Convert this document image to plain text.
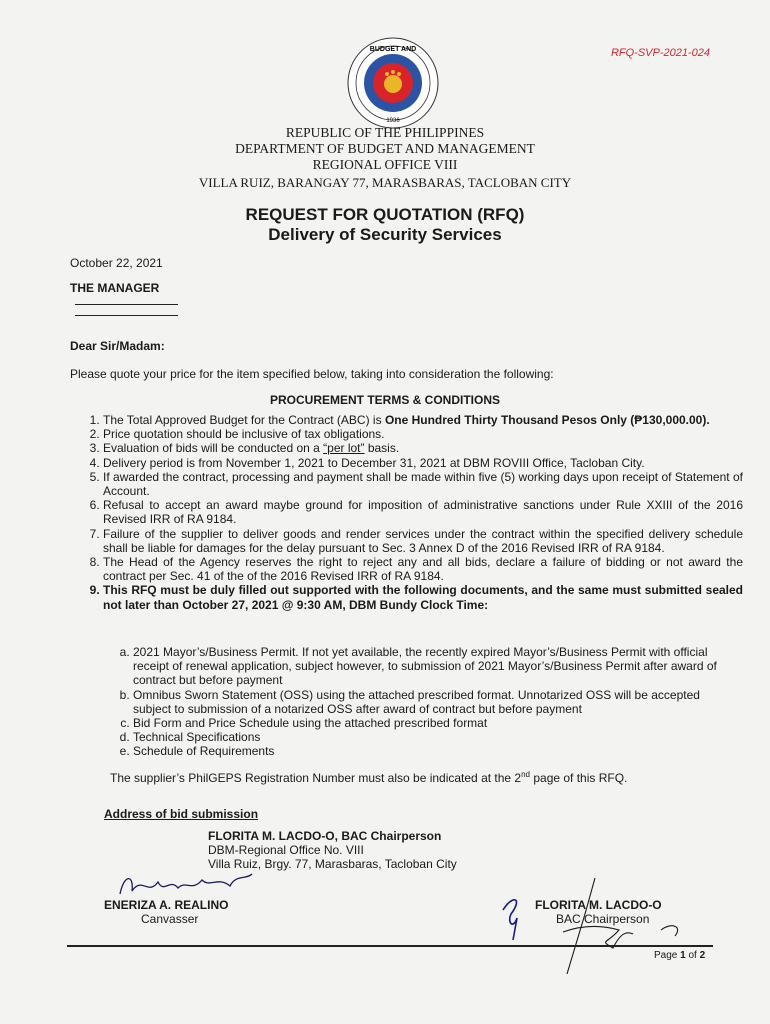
RFQ-SVP-2021-024
BUDGET AND
1936
REPUBLIC OF THE PHILIPPINES
DEPARTMENT OF BUDGET AND MANAGEMENT
REGIONAL OFFICE VIII
VILLA RUIZ, BARANGAY 77, MARASBARAS, TACLOBAN CITY
REQUEST FOR QUOTATION (RFQ)
Delivery of Security Services
October 22, 2021
THE MANAGER
Dear Sir/Madam:
Please quote your price for the item specified below, taking into consideration the following:
PROCUREMENT TERMS & CONDITIONS
1. The Total Approved Budget for the Contract (ABC) is One Hundred Thirty Thousand Pesos Only (₱130,000.00).
2. Price quotation should be inclusive of tax obligations.
3. Evaluation of bids will be conducted on a “per lot” basis.
4. Delivery period is from November 1, 2021 to December 31, 2021 at DBM ROVIII Office, Tacloban City.
5. If awarded the contract, processing and payment shall be made within five (5) working days upon receipt of Statement of Account.
6. Refusal to accept an award maybe ground for imposition of administrative sanctions under Rule XXIII of the 2016 Revised IRR of RA 9184.
7. Failure of the supplier to deliver goods and render services under the contract within the specified delivery schedule shall be liable for damages for the delay pursuant to Sec. 3 Annex D of the 2016 Revised IRR of RA 9184.
8. The Head of the Agency reserves the right to reject any and all bids, declare a failure of bidding or not award the contract per Sec. 41 of the of the 2016 Revised IRR of RA 9184.
9. This RFQ must be duly filled out supported with the following documents, and the same must submitted sealed not later than October 27, 2021 @ 9:30 AM, DBM Bundy Clock Time:
a. 2021 Mayor’s/Business Permit. If not yet available, the recently expired Mayor’s/Business Permit with official receipt of renewal application, subject however, to submission of 2021 Mayor’s/Business Permit after award of contract but before payment
b. Omnibus Sworn Statement (OSS) using the attached prescribed format. Unnotarized OSS will be accepted subject to submission of a notarized OSS after award of contract but before payment
c. Bid Form and Price Schedule using the attached prescribed format
d. Technical Specifications
e. Schedule of Requirements
The supplier’s PhilGEPS Registration Number must also be indicated at the 2nd page of this RFQ.
Address of bid submission
FLORITA M. LACDO-O, BAC Chairperson
DBM-Regional Office No. VIII
Villa Ruiz, Brgy. 77, Marasbaras, Tacloban City
ENERIZA A. REALINO
Canvasser
FLORITA M. LACDO-O
BAC Chairperson
Page 1 of 2
